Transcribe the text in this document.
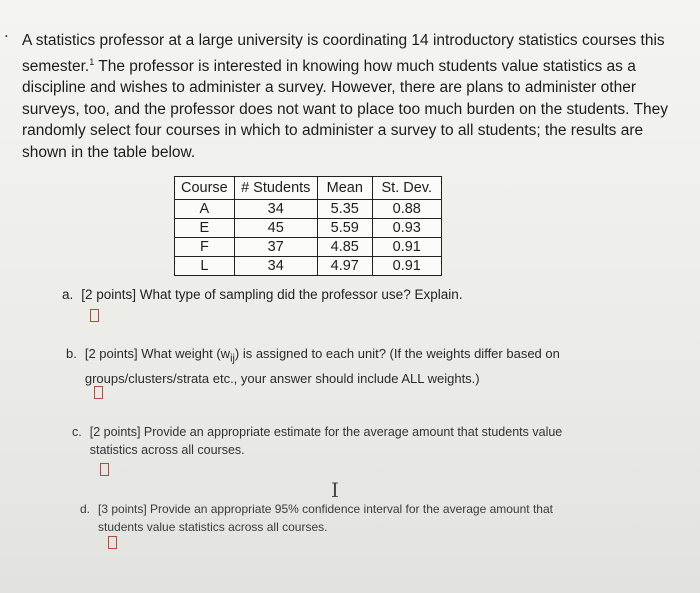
. A statistics professor at a large university is coordinating 14 introductory statistics courses this

semester.$^1$ The professor is interested in knowing how much students value statistics as a

discipline and wishes to administer a survey. However, there are plans to administer other

surveys, too, and the professor does not want to place too much burden on the students. They

randomly select four courses in which to administer a survey to all students; the results are

shown in the table below.

Course	# Students	Mean	St. Dev.
A	34	5.35	0.88
E	45	5.59	0.93
F	37	4.85	0.91
L	34	4.97	0.91
a. [2 points] What type of sampling did the professor use? Explain.
b. [2 points] What weight $(w_{ij})$ is assigned to each unit? (If the weights differ based on
groups/clusters/strata etc., your answer should include ALL weights.)
c. [2 points] Provide an appropriate estimate for the average amount that students value
statistics across all courses.
I
d. [3 points] Provide an appropriate 95% confidence interval for the average amount that
students value statistics across all courses.
